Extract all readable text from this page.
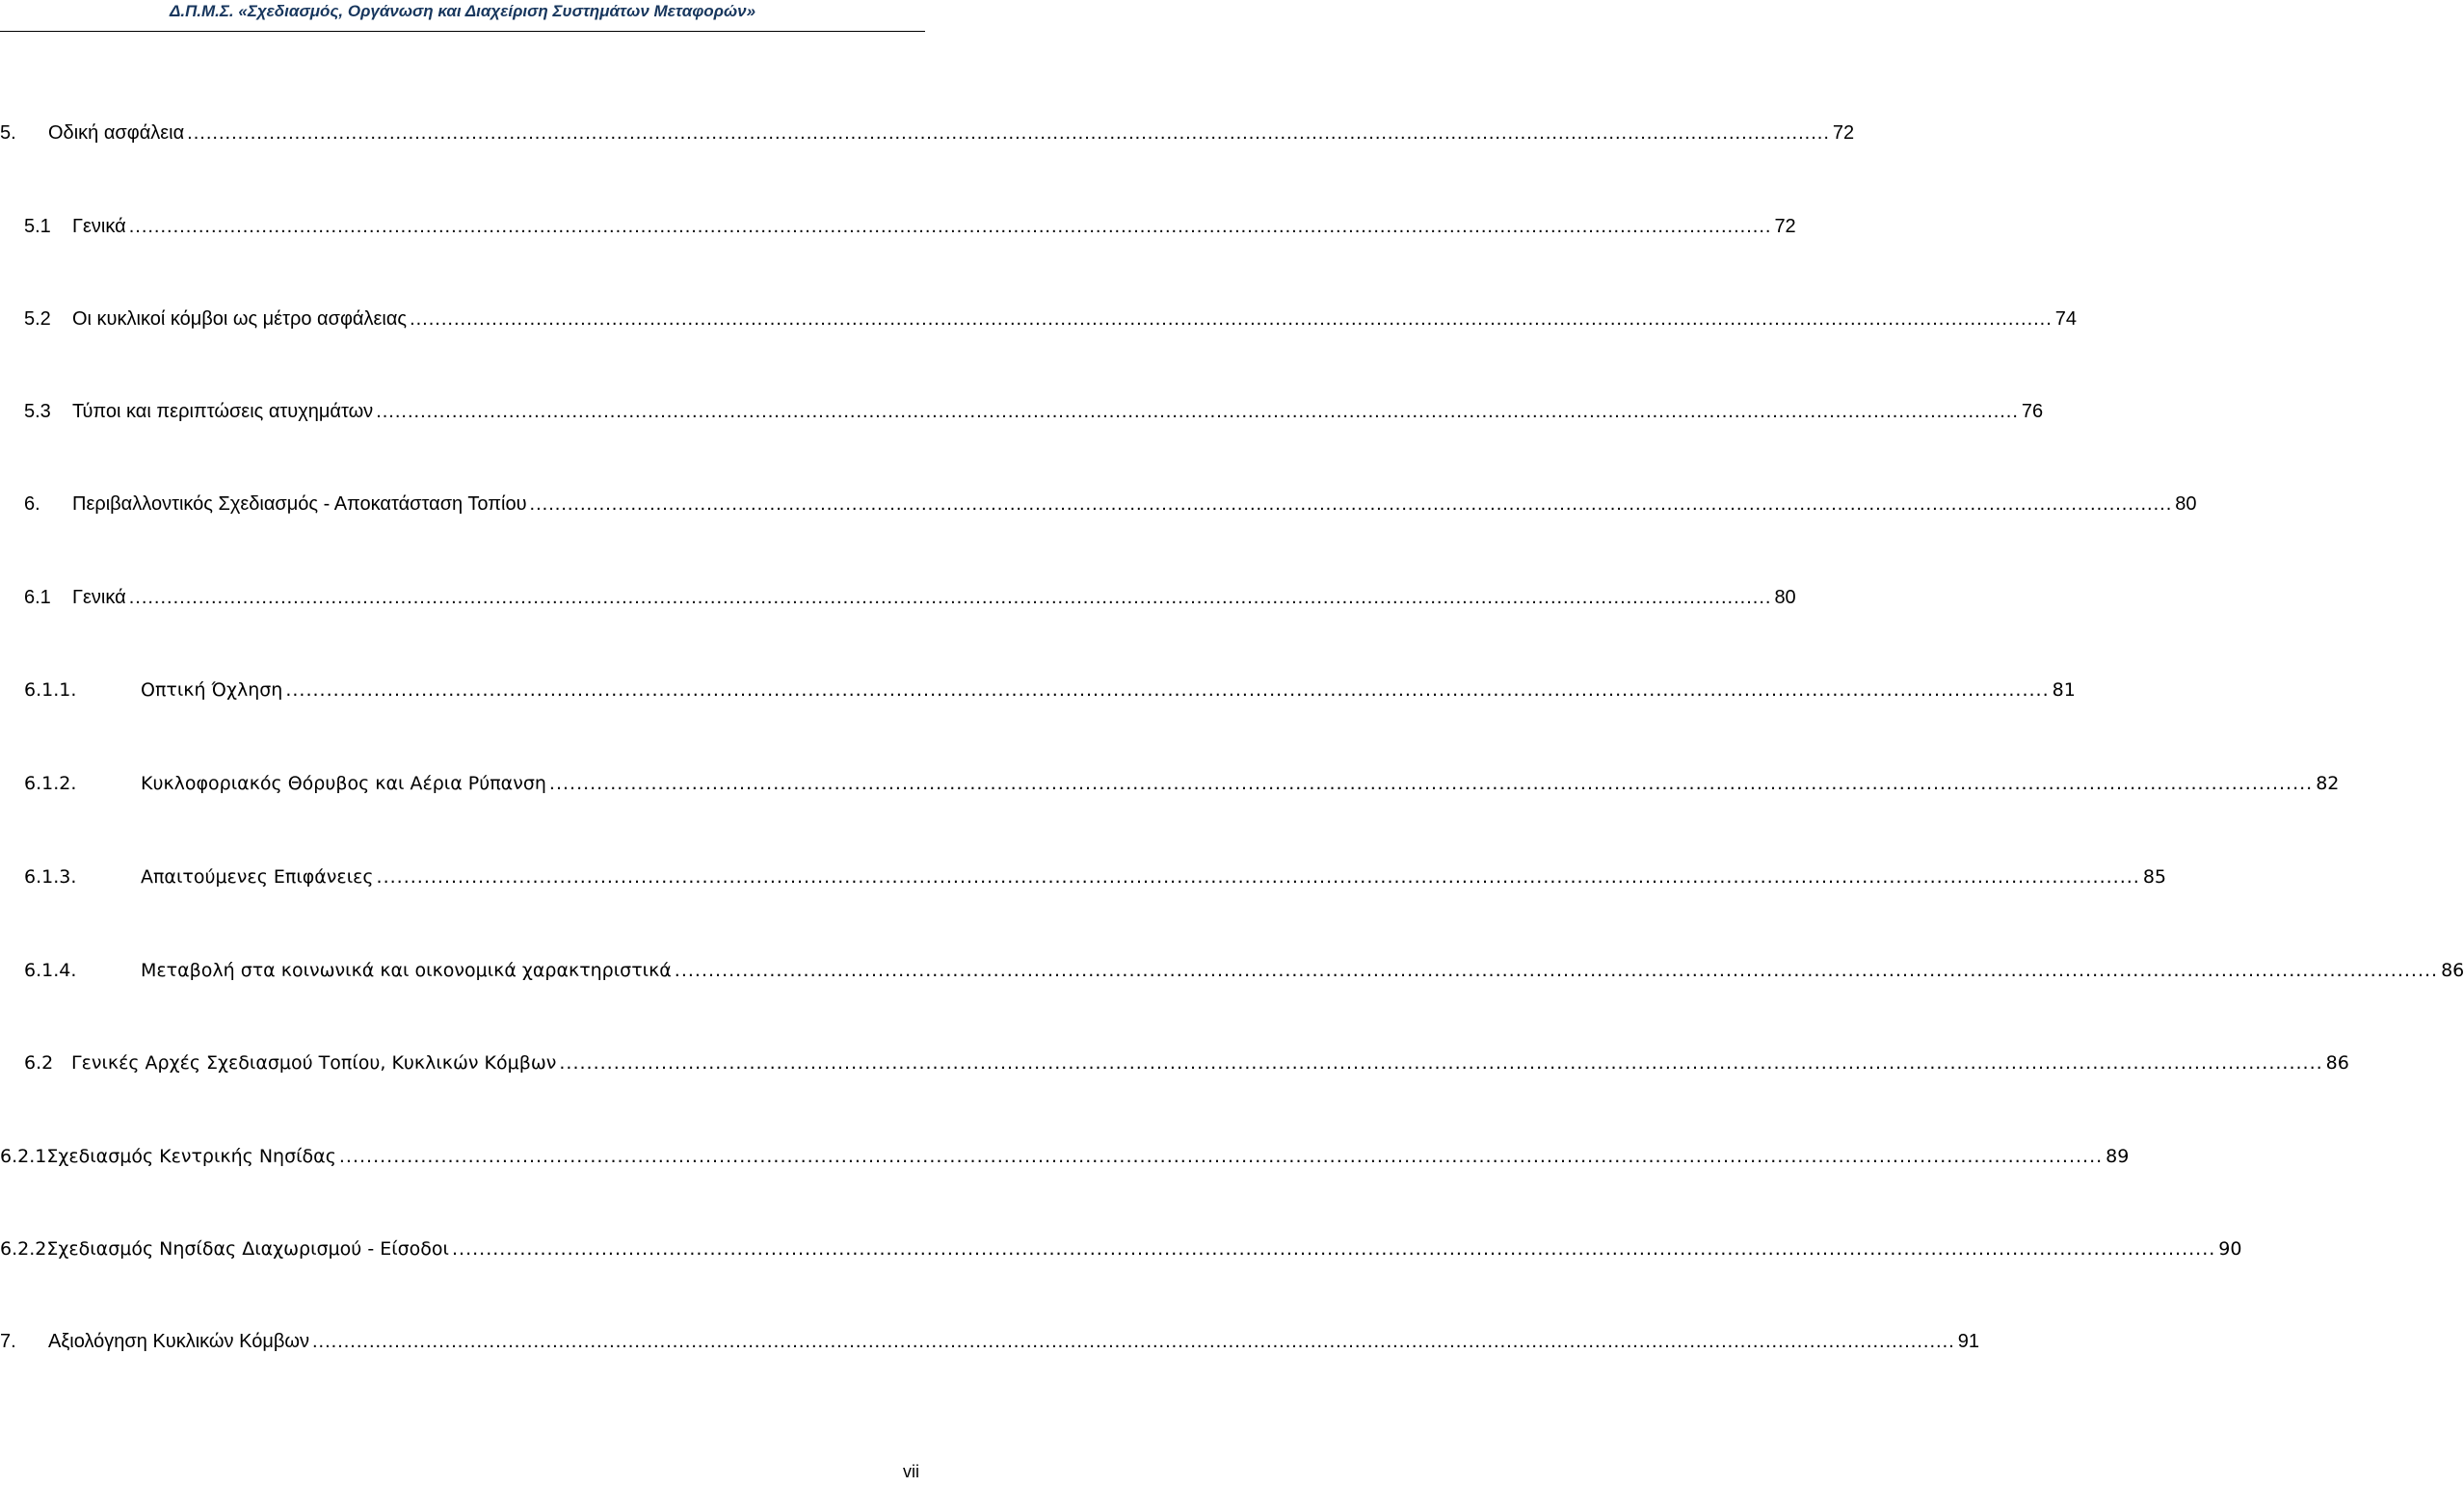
Δ.Π.Μ.Σ. «Σχεδιασμός, Οργάνωση και Διαχείριση Συστημάτων Μεταφορών»
5.	Οδική ασφάλεια .....	72
5.1	Γενικά .....	72
5.2	Οι κυκλικοί κόμβοι ως μέτρο ασφάλειας .....	74
5.3	Τύποι και περιπτώσεις ατυχημάτων .....	76
6.	Περιβαλλοντικός Σχεδιασμός - Αποκατάσταση Τοπίου .....	80
6.1	Γενικά .....	80
6.1.1.	Οπτική Όχληση .....	81
6.1.2.	Κυκλοφοριακός Θόρυβος και Αέρια Ρύπανση .....	82
6.1.3.	Απαιτούμενες Επιφάνειες .....	85
6.1.4.	Μεταβολή στα κοινωνικά και οικονομικά χαρακτηριστικά .....	86
6.2 Γενικές Αρχές Σχεδιασμού Τοπίου, Κυκλικών Κόμβων .....	86
6.2.1 Σχεδιασμός Κεντρικής Νησίδας .....	89
6.2.2 Σχεδιασμός Νησίδας Διαχωρισμού - Είσοδοι .....	90
7.	Αξιολόγηση Κυκλικών Κόμβων .....	91
vii
